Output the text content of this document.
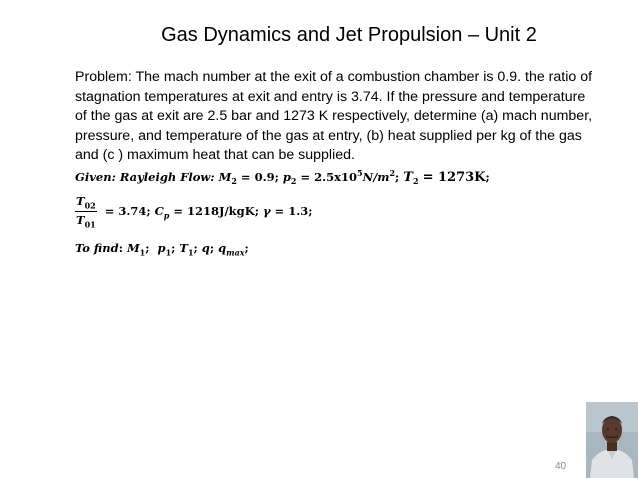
Gas Dynamics and Jet Propulsion – Unit 2
Problem: The mach number at the exit of a combustion chamber is 0.9. the ratio of stagnation temperatures at exit and entry is 3.74. If the pressure and temperature of the gas at exit are 2.5 bar and 1273 K respectively, determine (a) mach number, pressure, and temperature of the gas at entry, (b) heat supplied per kg of the gas and (c ) maximum heat that can be supplied.
Given: Rayleigh Flow: $M_2 = 0.9$; $p_2 = 2.5x10^5N/m^2$; $T_2 = 1273K$;
$\frac{T_{02}}{T_{01}} = 3.74$; $C_p = 1218J/kgK$; γ = 1.3;
To find: $M_1$;  $p_1$; $T_1$; q; $q_{max}$;
40
